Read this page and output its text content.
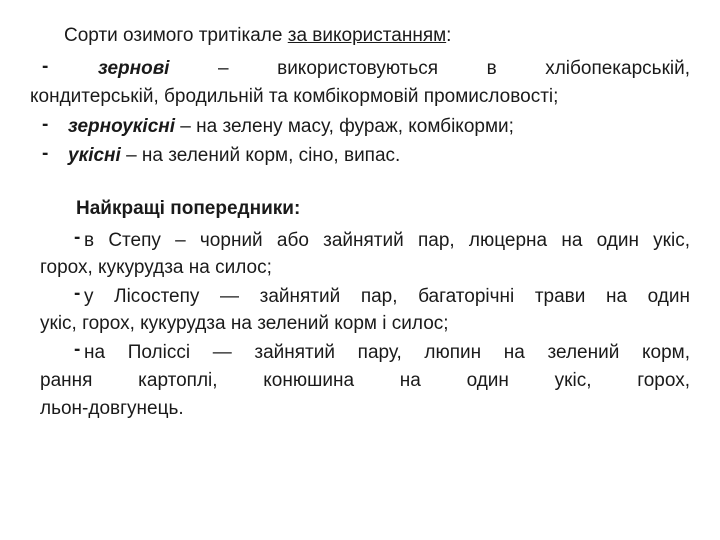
Сорти озимого тритікале за використанням:
-	зернові – використовуються в хлібопекарській,
кондитерській, бродильній та комбікормовій промисловості;
-	зерноукісні – на зелену масу, фураж, комбікорми;
-	укісні – на зелений корм, сіно, випас.
Найкращі попередники:
- в Степу – чорний або зайнятий пар, люцерна на один укіс,
горох, кукурудза на силос;
- у Лісостепу — зайнятий пар, багаторічні трави на один
укіс, горох, кукурудза на зелений корм і силос;
- на Поліссі — зайнятий пару, люпин на зелений корм,
рання картоплі, конюшина на один укіс, горох,
льон-довгунець.
